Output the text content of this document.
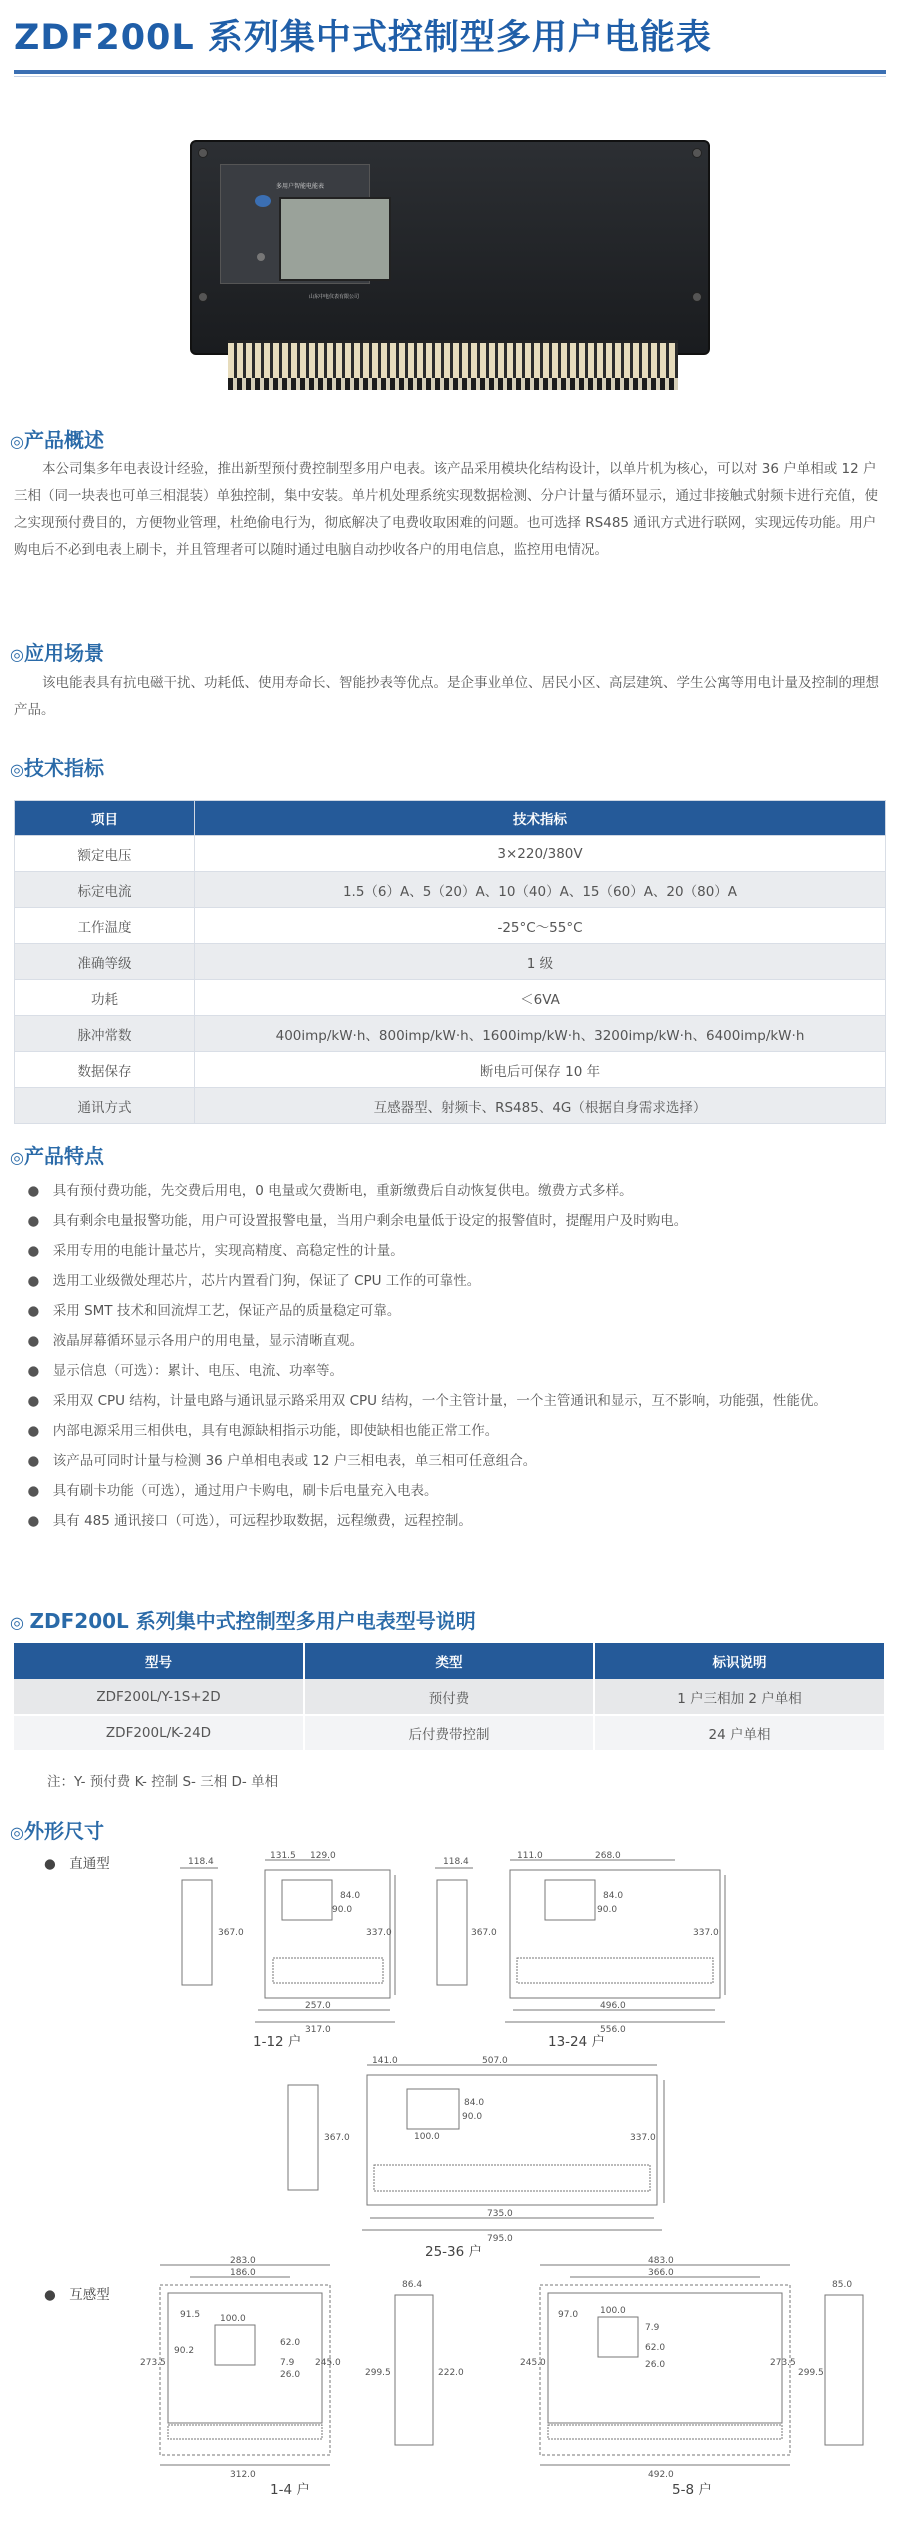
ZDF200L 系列集中式控制型多用户电能表
多用户智能电能表
山东中电仪表有限公司
◎产品概述
本公司集多年电表设计经验，推出新型预付费控制型多用户电表。该产品采用模块化结构设计，以单片机为核心，可以对 36 户单相或 12 户三相（同一块表也可单三相混装）单独控制，集中安装。单片机处理系统实现数据检测、分户计量与循环显示，通过非接触式射频卡进行充值，使之实现预付费目的，方便物业管理，杜绝偷电行为，彻底解决了电费收取困难的问题。也可选择 RS485 通讯方式进行联网，实现远传功能。用户购电后不必到电表上刷卡，并且管理者可以随时通过电脑自动抄收各户的用电信息，监控用电情况。
◎应用场景
该电能表具有抗电磁干扰、功耗低、使用寿命长、智能抄表等优点。是企事业单位、居民小区、高层建筑、学生公寓等用电计量及控制的理想产品。
◎技术指标
项目	技术指标
额定电压	3×220/380V
标定电流	1.5（6）A、5（20）A、10（40）A、15（60）A、20（80）A
工作温度	-25°C～55°C
准确等级	1 级
功耗	＜6VA
脉冲常数	400imp/kW·h、800imp/kW·h、1600imp/kW·h、3200imp/kW·h、6400imp/kW·h
数据保存	断电后可保存 10 年
通讯方式	互感器型、射频卡、RS485、4G（根据自身需求选择）
◎产品特点
　●　具有预付费功能，先交费后用电，0 电量或欠费断电，重新缴费后自动恢复供电。缴费方式多样。
　●　具有剩余电量报警功能，用户可设置报警电量，当用户剩余电量低于设定的报警值时，提醒用户及时购电。
　●　采用专用的电能计量芯片，实现高精度、高稳定性的计量。
　●　选用工业级微处理芯片，芯片内置看门狗，保证了 CPU 工作的可靠性。
　●　采用 SMT 技术和回流焊工艺，保证产品的质量稳定可靠。
　●　液晶屏幕循环显示各用户的用电量，显示清晰直观。
　●　显示信息（可选）：累计、电压、电流、功率等。
　●　采用双 CPU 结构，计量电路与通讯显示路采用双 CPU 结构，一个主管计量，一个主管通讯和显示，互不影响，功能强，性能优。
　●　内部电源采用三相供电，具有电源缺相指示功能，即使缺相也能正常工作。
　●　该产品可同时计量与检测 36 户单相电表或 12 户三相电表，单三相可任意组合。
　●　具有刷卡功能（可选），通过用户卡购电，刷卡后电量充入电表。
　●　具有 485 通讯接口（可选），可远程抄取数据，远程缴费，远程控制。
◎ ZDF200L 系列集中式控制型多用户电表型号说明
型号	类型	标识说明
ZDF200L/Y-1S+2D	预付费	1 户三相加 2 户单相
ZDF200L/K-24D	后付费带控制	24 户单相
注：Y- 预付费 K- 控制 S- 三相 D- 单相
◎外形尺寸
●　直通型	118.4
131.5 129.0
84.0
90.0
367.0	337.0
257.0
317.0
1-12 户
118.4
111.0	268.0
84.0
90.0
367.0	337.0
496.0
556.0
13-24 户
141.0	507.0
84.0
90.0
100.0
367.0	337.0
735.0
795.0
25-36 户
●　互感型
283.0
186.0
91.5 100.0
90.2
62.0
7.9
26.0
273.5	245.0
312.0
86.4
299.5	222.0
1-4 户
483.0
366.0
97.0 100.0
7.9
62.0
26.0
245.0	273.5
492.0
85.0
299.5
5-8 户
